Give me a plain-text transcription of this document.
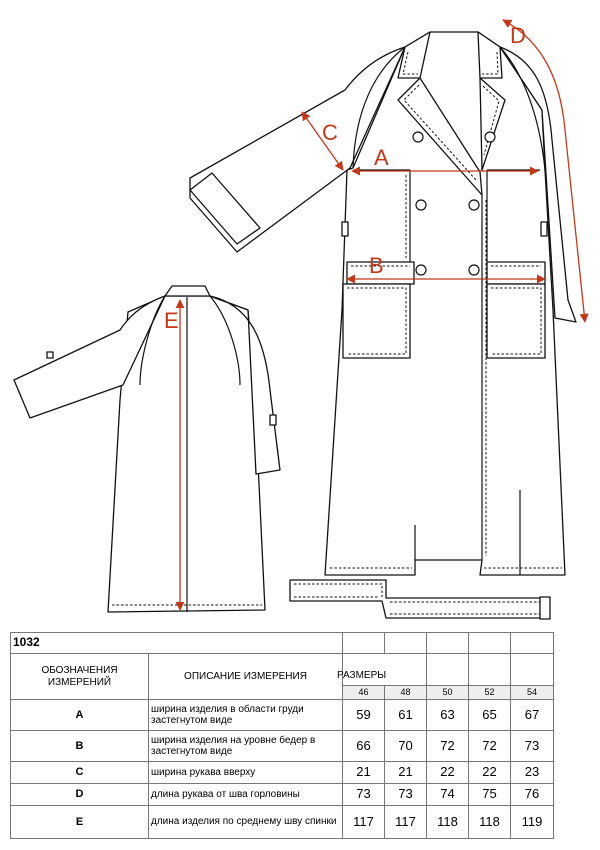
A
B
C
D
E
1032						
ОБОЗНАЧЕНИЯ ИЗМЕРЕНИЙ	ОПИСАНИЕ ИЗМЕРЕНИЯ	РАЗМЕРЫ				

		46	48	50	52	54
A	ширина изделия в области груди застегнутом виде	59	61	63	65	67
B	ширина изделия на уровне бедер в застегнутом виде	66	70	72	72	73
C	ширина рукава вверху	21	21	22	22	23
D	длина рукава от шва горловины	73	73	74	75	76
E	длина изделия по среднему шву спинки	117	117	118	118	119
